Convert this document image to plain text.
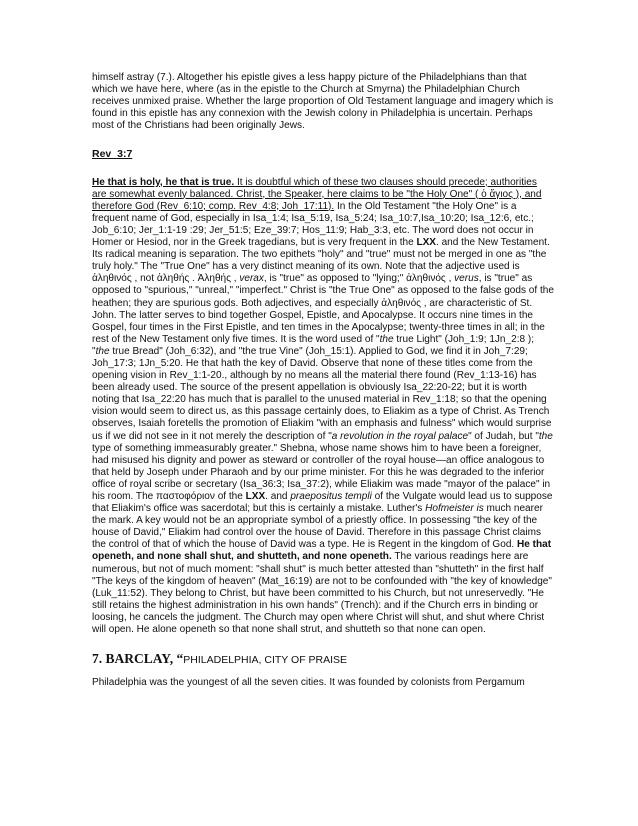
himself astray (7.). Altogether his epistle gives a less happy picture of the Philadelphians than that which we have here, where (as in the epistle to the Church at Smyrna) the Philadelphian Church receives unmixed praise. Whether the large proportion of Old Testament language and imagery which is found in this epistle has any connexion with the Jewish colony in Philadelphia is uncertain. Perhaps most of the Christians had been originally Jews.

Rev_3:7

He that is holy, he that is true. It is doubtful which of these two clauses should precede; authorities are somewhat evenly balanced. Christ, the Speaker, here claims to be "the Holy One" ( ὁ ἅγιος ), and therefore God (Rev_6:10; comp. Rev_4:8; Joh_17:11). In the Old Testament "the Holy One" is a frequent name of God, especially in Isa_1:4; Isa_5:19, Isa_5:24; Isa_10:7,Isa_10:20; Isa_12:6, etc.; Job_6:10; Jer_1:1-19 :29; Jer_51:5; Eze_39:7; Hos_11:9; Hab_3:3, etc. The word does not occur in Homer or Hesiod, nor in the Greek tragedians, but is very frequent in the LXX. and the New Testament. Its radical meaning is separation. The two epithets "holy" and "true" must not be merged in one as "the truly holy." The "True One" has a very distinct meaning of its own. Note that the adjective used is ἀληθινός , not ἀληθής . Ἀληθής , verax, is "true" as opposed to "lying;" ἀληθινός , verus, is "true" as opposed to "spurious," "unreal," "imperfect." Christ is "the True One" as opposed to the false gods of the heathen; they are spurious gods. Both adjectives, and especially ἀληθινός , are characteristic of St. John. The latter serves to bind together Gospel, Epistle, and Apocalypse. It occurs nine times in the Gospel, four times in the First Epistle, and ten times in the Apocalypse; twenty-three times in all; in the rest of the New Testament only five times. It is the word used of "the true Light" (Joh_1:9; 1Jn_2:8 ); "the true Bread" (Joh_6:32), and "the true Vine" (Joh_15:1). Applied to God, we find it in Joh_7:29; Joh_17:3; 1Jn_5:20. He that hath the key of David. Observe that none of these titles come from the opening vision in Rev_1:1-20., although by no means all the material there found (Rev_1:13-16) has been already used. The source of the present appellation is obviously Isa_22:20-22; but it is worth noting that Isa_22:20 has much that is parallel to the unused material in Rev_1:18; so that the opening vision would seem to direct us, as this passage certainly does, to Eliakim as a type of Christ. As Trench observes, Isaiah foretells the promotion of Eliakim "with an emphasis and fulness" which would surprise us if we did not see in it not merely the description of "a revolution in the royal palace" of Judah, but "the type of something immeasurably greater." Shebna, whose name shows him to have been a foreigner, had misused his dignity and power as steward or controller of the royal house—an office analogous to that held by Joseph under Pharaoh and by our prime minister. For this he was degraded to the inferior office of royal scribe or secretary (Isa_36:3; Isa_37:2), while Eliakim was made "mayor of the palace" in his room. The παστοφόριον of the LXX. and praepositus templi of the Vulgate would lead us to suppose that Eliakim's office was sacerdotal; but this is certainly a mistake. Luther's Hofmeister is much nearer the mark. A key would not be an appropriate symbol of a priestly office. In possessing "the key of the house of David," Eliakim had control over the house of David. Therefore in this passage Christ claims the control of that of which the house of David was a type. He is Regent in the kingdom of God. He that openeth, and none shall shut, and shutteth, and none openeth. The various readings here are numerous, but not of much moment: "shall shut" is much better attested than "shutteth" in the first half "The keys of the kingdom of heaven" (Mat_16:19) are not to be confounded with "the key of knowledge" (Luk_11:52). They belong to Christ, but have been committed to his Church, but not unreservedly. "He still retains the highest administration in his own hands" (Trench): and if the Church errs in binding or loosing, he cancels the judgment. The Church may open where Christ will shut, and shut where Christ will open. He alone openeth so that none shall strut, and shutteth so that none can open.

7. BARCLAY, “PHILADELPHIA, CITY OF PRAISE

Philadelphia was the youngest of all the seven cities. It was founded by colonists from Pergamum
